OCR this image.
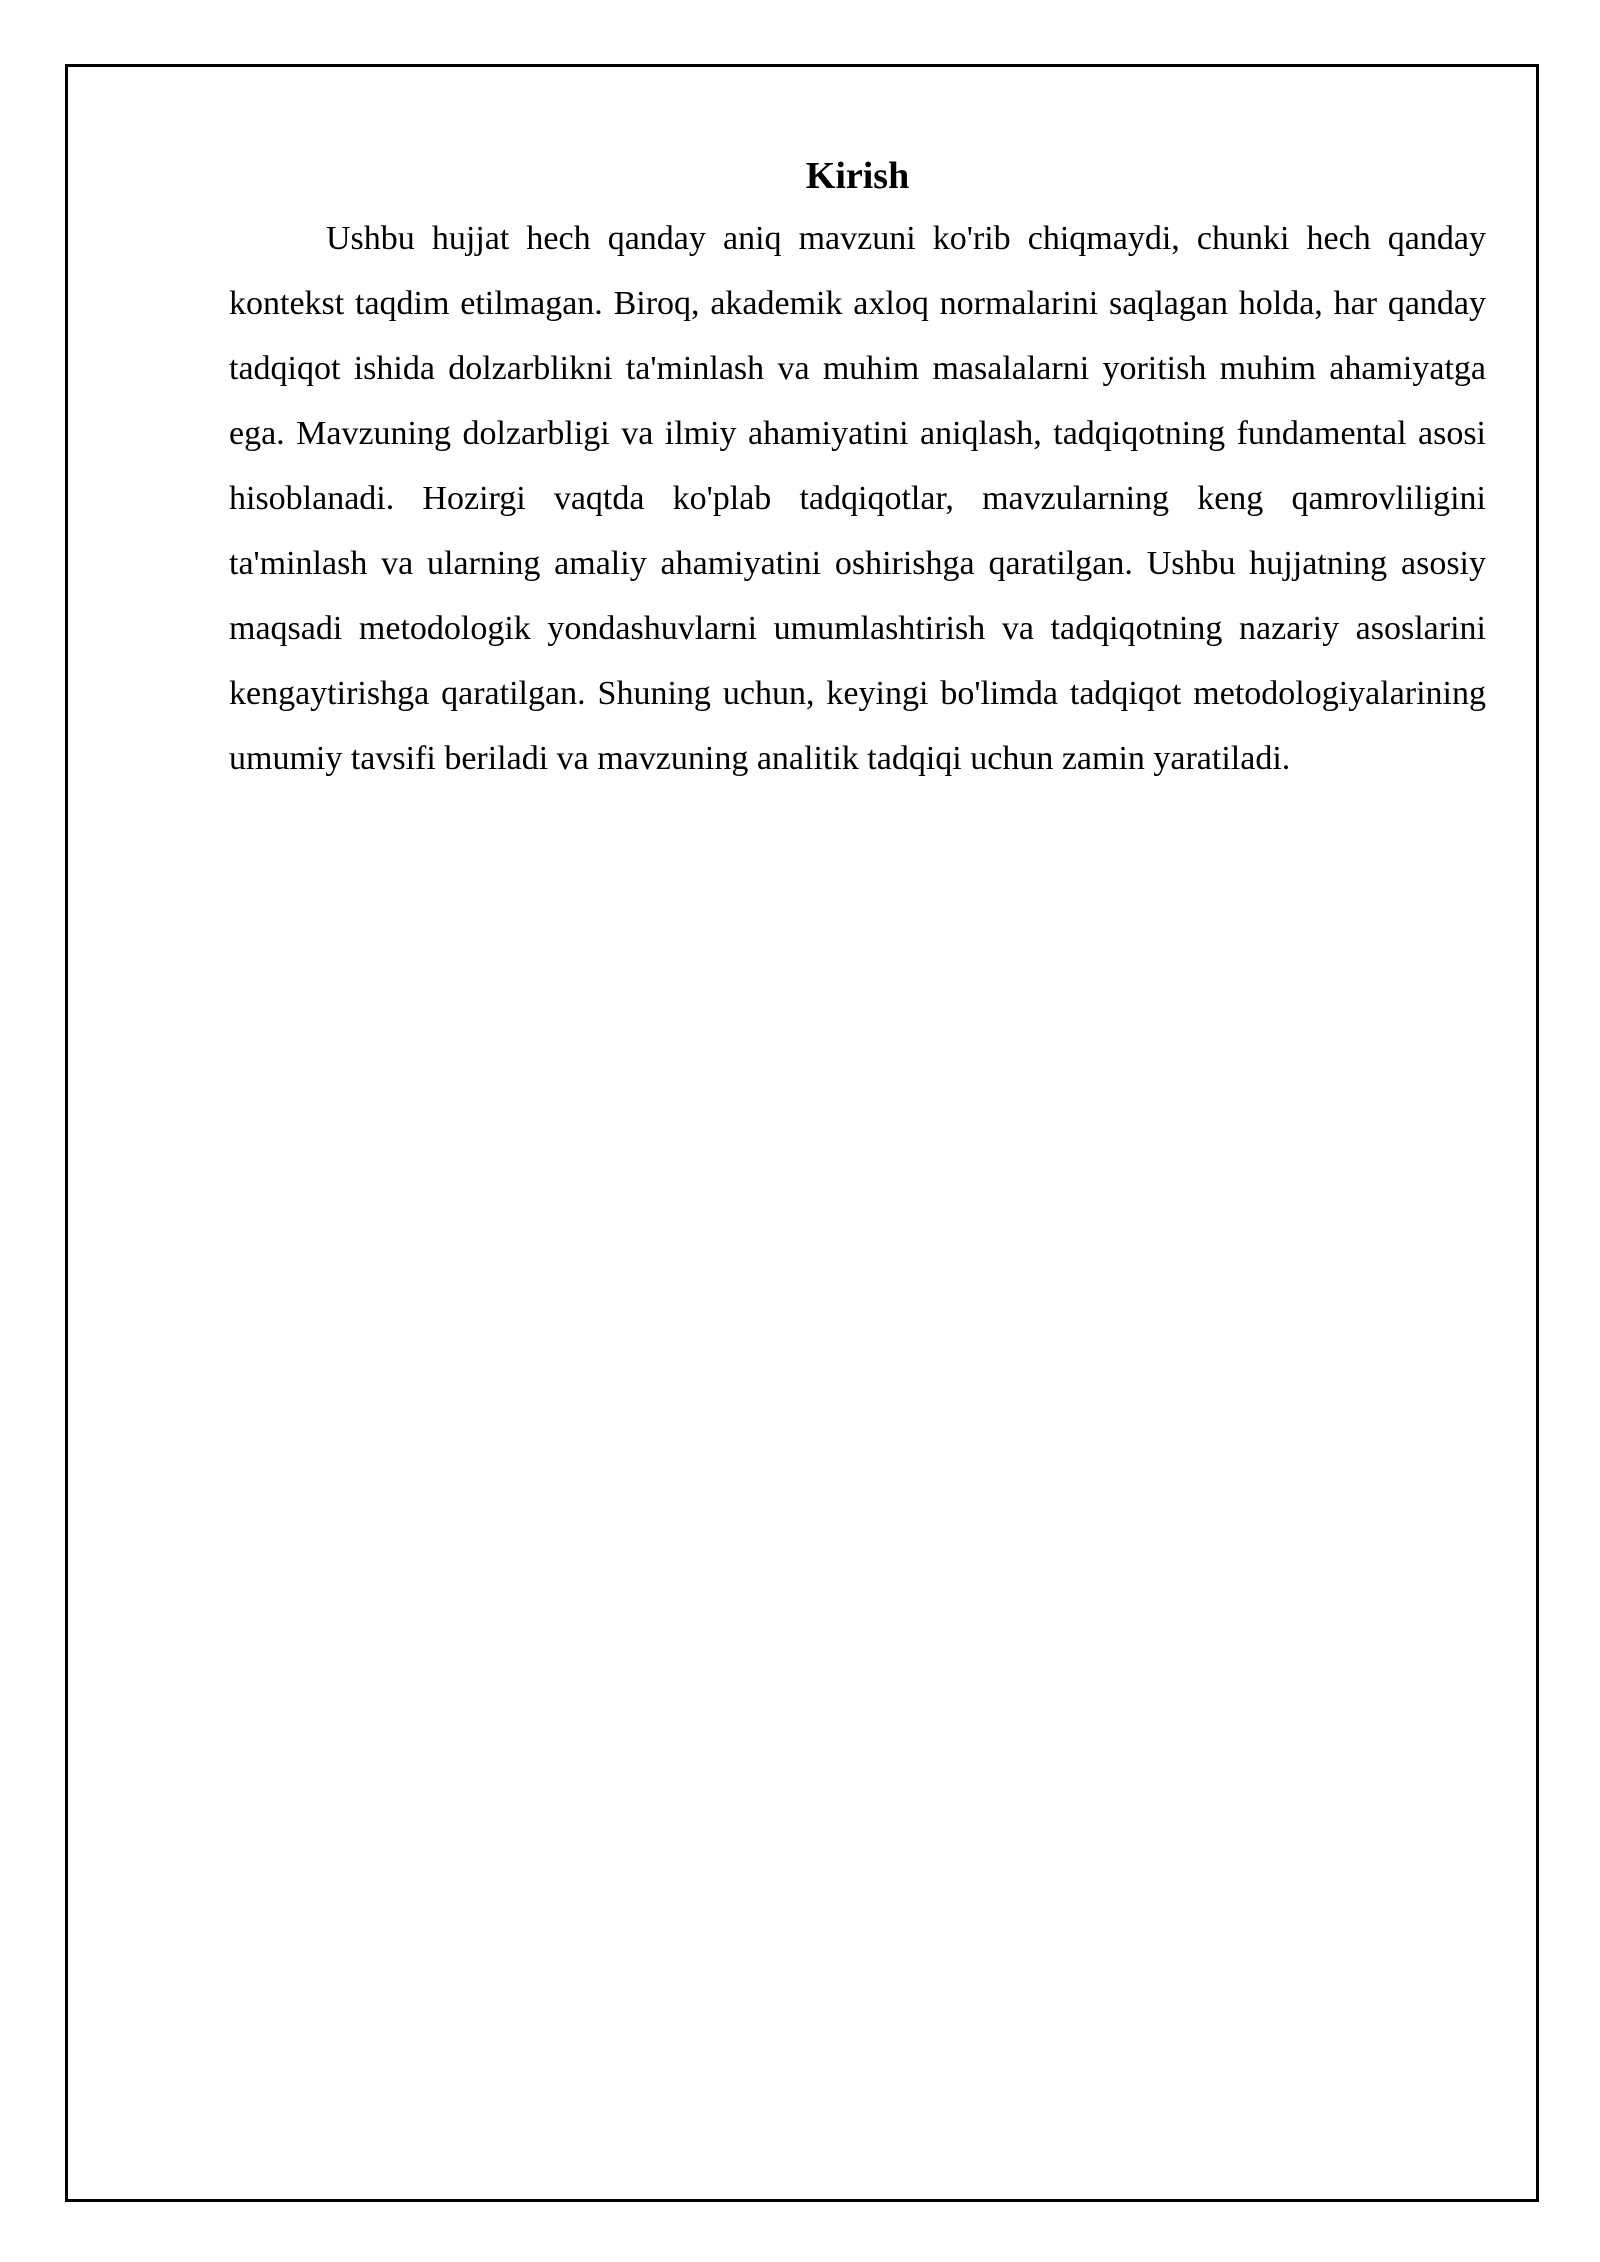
Kirish

Ushbu hujjat hech qanday aniq mavzuni ko'rib chiqmaydi, chunki hech qanday kontekst taqdim etilmagan. Biroq, akademik axloq normalarini saqlagan holda, har qanday tadqiqot ishida dolzarblikni ta'minlash va muhim masalalarni yoritish muhim ahamiyatga ega. Mavzuning dolzarbligi va ilmiy ahamiyatini aniqlash, tadqiqotning fundamental asosi hisoblanadi. Hozirgi vaqtda ko'plab tadqiqotlar, mavzularning keng qamrovliligini ta'minlash va ularning amaliy ahamiyatini oshirishga qaratilgan. Ushbu hujjatning asosiy maqsadi metodologik yondashuvlarni umumlashtirish va tadqiqotning nazariy asoslarini kengaytirishga qaratilgan. Shuning uchun, keyingi bo'limda tadqiqot metodologiyalarining umumiy tavsifi beriladi va mavzuning analitik tadqiqi uchun zamin yaratiladi.
